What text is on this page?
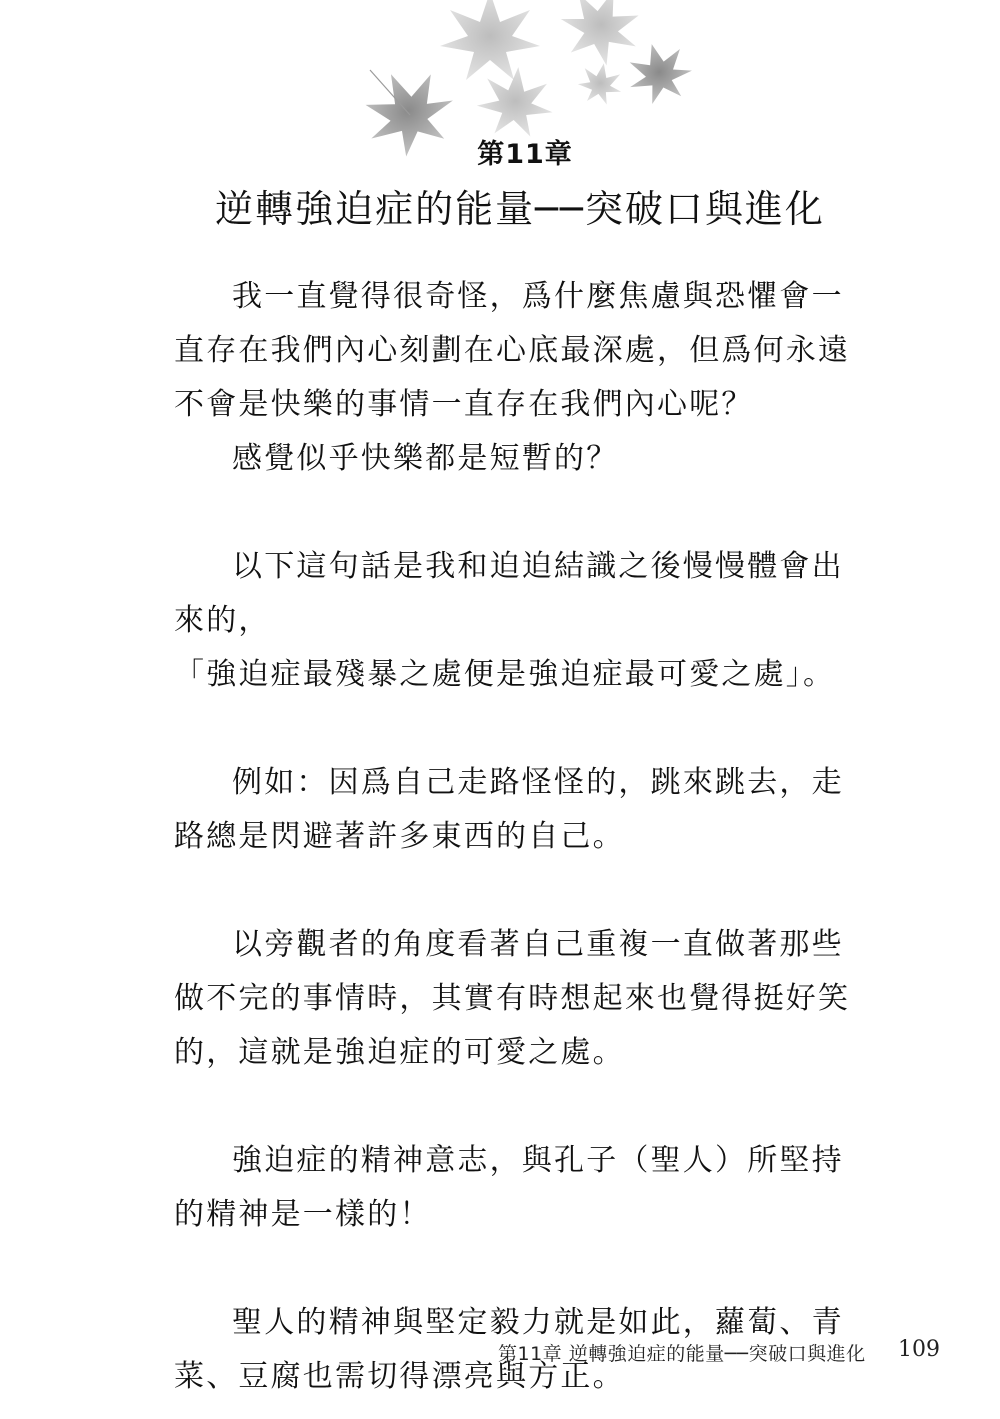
第11章
逆轉強迫症的能量──突破口與進化

我一直覺得很奇怪，爲什麼焦慮與恐懼會一直存在我們內心刻劃在心底最深處，但爲何永遠不會是快樂的事情一直存在我們內心呢？

感覺似乎快樂都是短暫的？

以下這句話是我和迫迫結識之後慢慢體會出來的，

「強迫症最殘暴之處便是強迫症最可愛之處」。

例如：因爲自己走路怪怪的，跳來跳去，走路總是閃避著許多東西的自己。

以旁觀者的角度看著自己重複一直做著那些做不完的事情時，其實有時想起來也覺得挺好笑的，這就是強迫症的可愛之處。

強迫症的精神意志，與孔子（聖人）所堅持的精神是一樣的！

聖人的精神與堅定毅力就是如此，蘿蔔、青菜、豆腐也需切得漂亮與方正。

第11章 逆轉強迫症的能量──突破口與進化 109
